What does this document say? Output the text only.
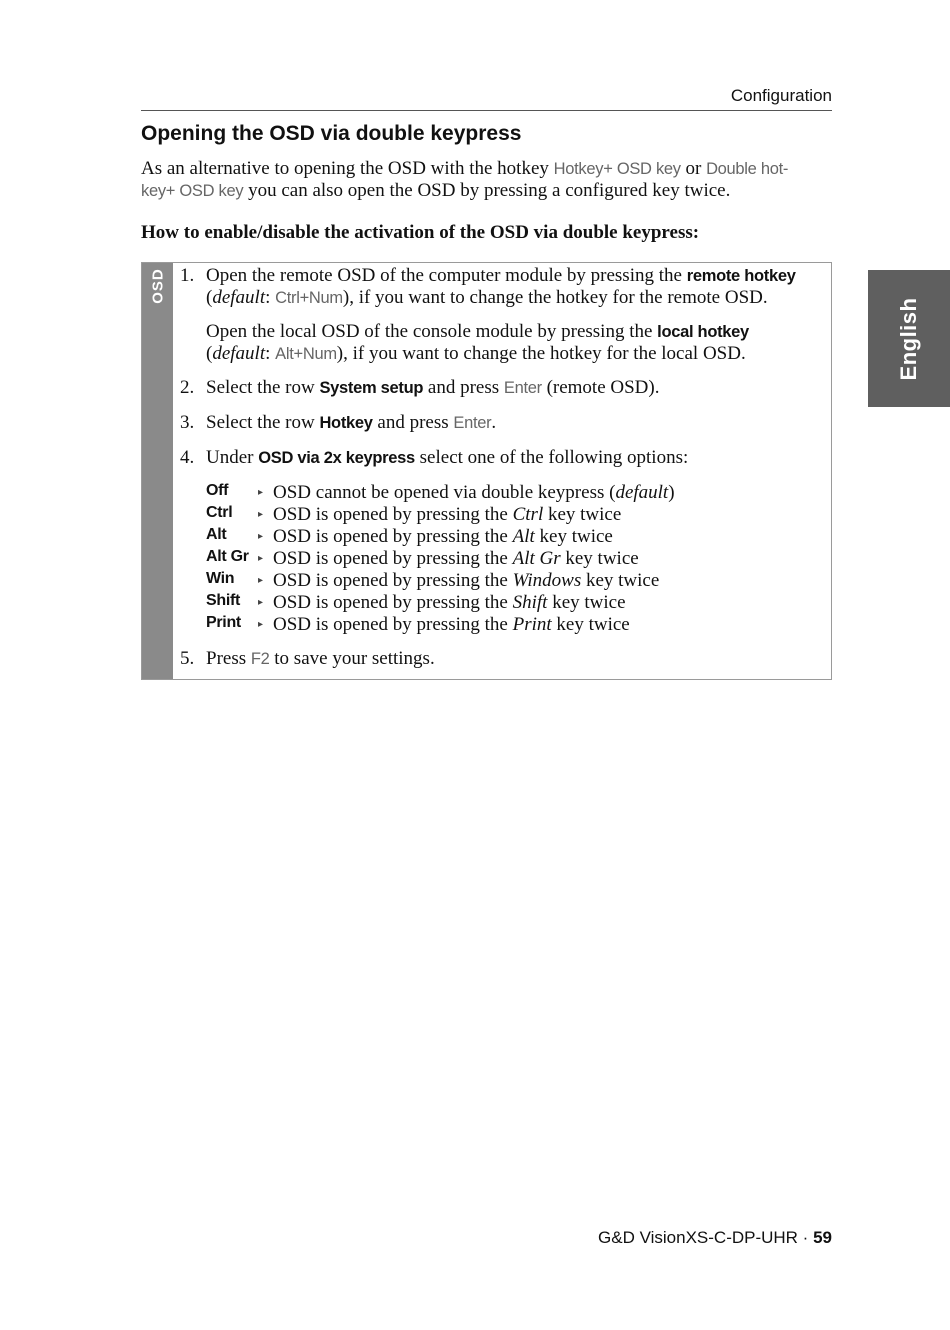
Configuration
English
Opening the OSD via double keypress

As an alternative to opening the OSD with the hotkey Hotkey+ OSD key or Double hot-
key+ OSD key you can also open the OSD by pressing a configured key twice.

How to enable/disable the activation of the OSD via double keypress:

OSD 1. Open the remote OSD of the computer module by pressing the remote hotkey
(default: Ctrl+Num), if you want to change the hotkey for the remote OSD.
Open the local OSD of the console module by pressing the local hotkey
(default: Alt+Num), if you want to change the hotkey for the local OSD.
2. Select the row System setup and press Enter (remote OSD).
3. Select the row Hotkey and press Enter.
4. Under OSD via 2x keypress select one of the following options:
Off	▸ OSD cannot be opened via double keypress (default)
Ctrl	▸ OSD is opened by pressing the Ctrl key twice
Alt	▸ OSD is opened by pressing the Alt key twice
Alt Gr ▸ OSD is opened by pressing the Alt Gr key twice
Win ▸ OSD is opened by pressing the Windows key twice
Shift ▸ OSD is opened by pressing the Shift key twice
Print ▸ OSD is opened by pressing the Print key twice
5. Press F2 to save your settings.
G&D VisionXS-C-DP-UHR · 59
